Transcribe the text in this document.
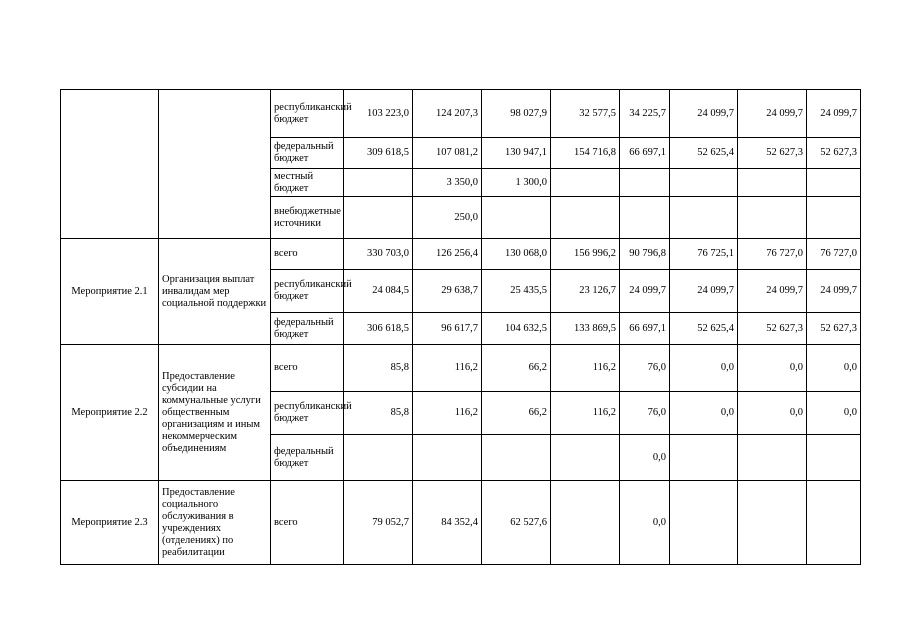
		республиканский бюджет	103 223,0	124 207,3	98 027,9	32 577,5	34 225,7	24 099,7	24 099,7	24 099,7
		федеральный бюджет	309 618,5	107 081,2	130 947,1	154 716,8	66 697,1	52 625,4	52 627,3	52 627,3
		местный бюджет		3 350,0	1 300,0					
		внебюджетные источники		250,0						
Мероприятие 2.1	Организация выплат инвалидам мер социальной поддержки	всего	330 703,0	126 256,4	130 068,0	156 996,2	90 796,8	76 725,1	76 727,0	76 727,0
		республиканский бюджет	24 084,5	29 638,7	25 435,5	23 126,7	24 099,7	24 099,7	24 099,7	24 099,7
		федеральный бюджет	306 618,5	96 617,7	104 632,5	133 869,5	66 697,1	52 625,4	52 627,3	52 627,3
Мероприятие 2.2	Предоставление субсидии на коммунальные услуги общественным организациям и иным некоммерческим объединениям	всего	85,8	116,2	66,2	116,2	76,0	0,0	0,0	0,0
		республиканский бюджет	85,8	116,2	66,2	116,2	76,0	0,0	0,0	0,0
		федеральный бюджет					0,0			
Мероприятие 2.3	Предоставление социального обслуживания в учреждениях (отделениях) по реабилитации	всего	79 052,7	84 352,4	62 527,6		0,0			
